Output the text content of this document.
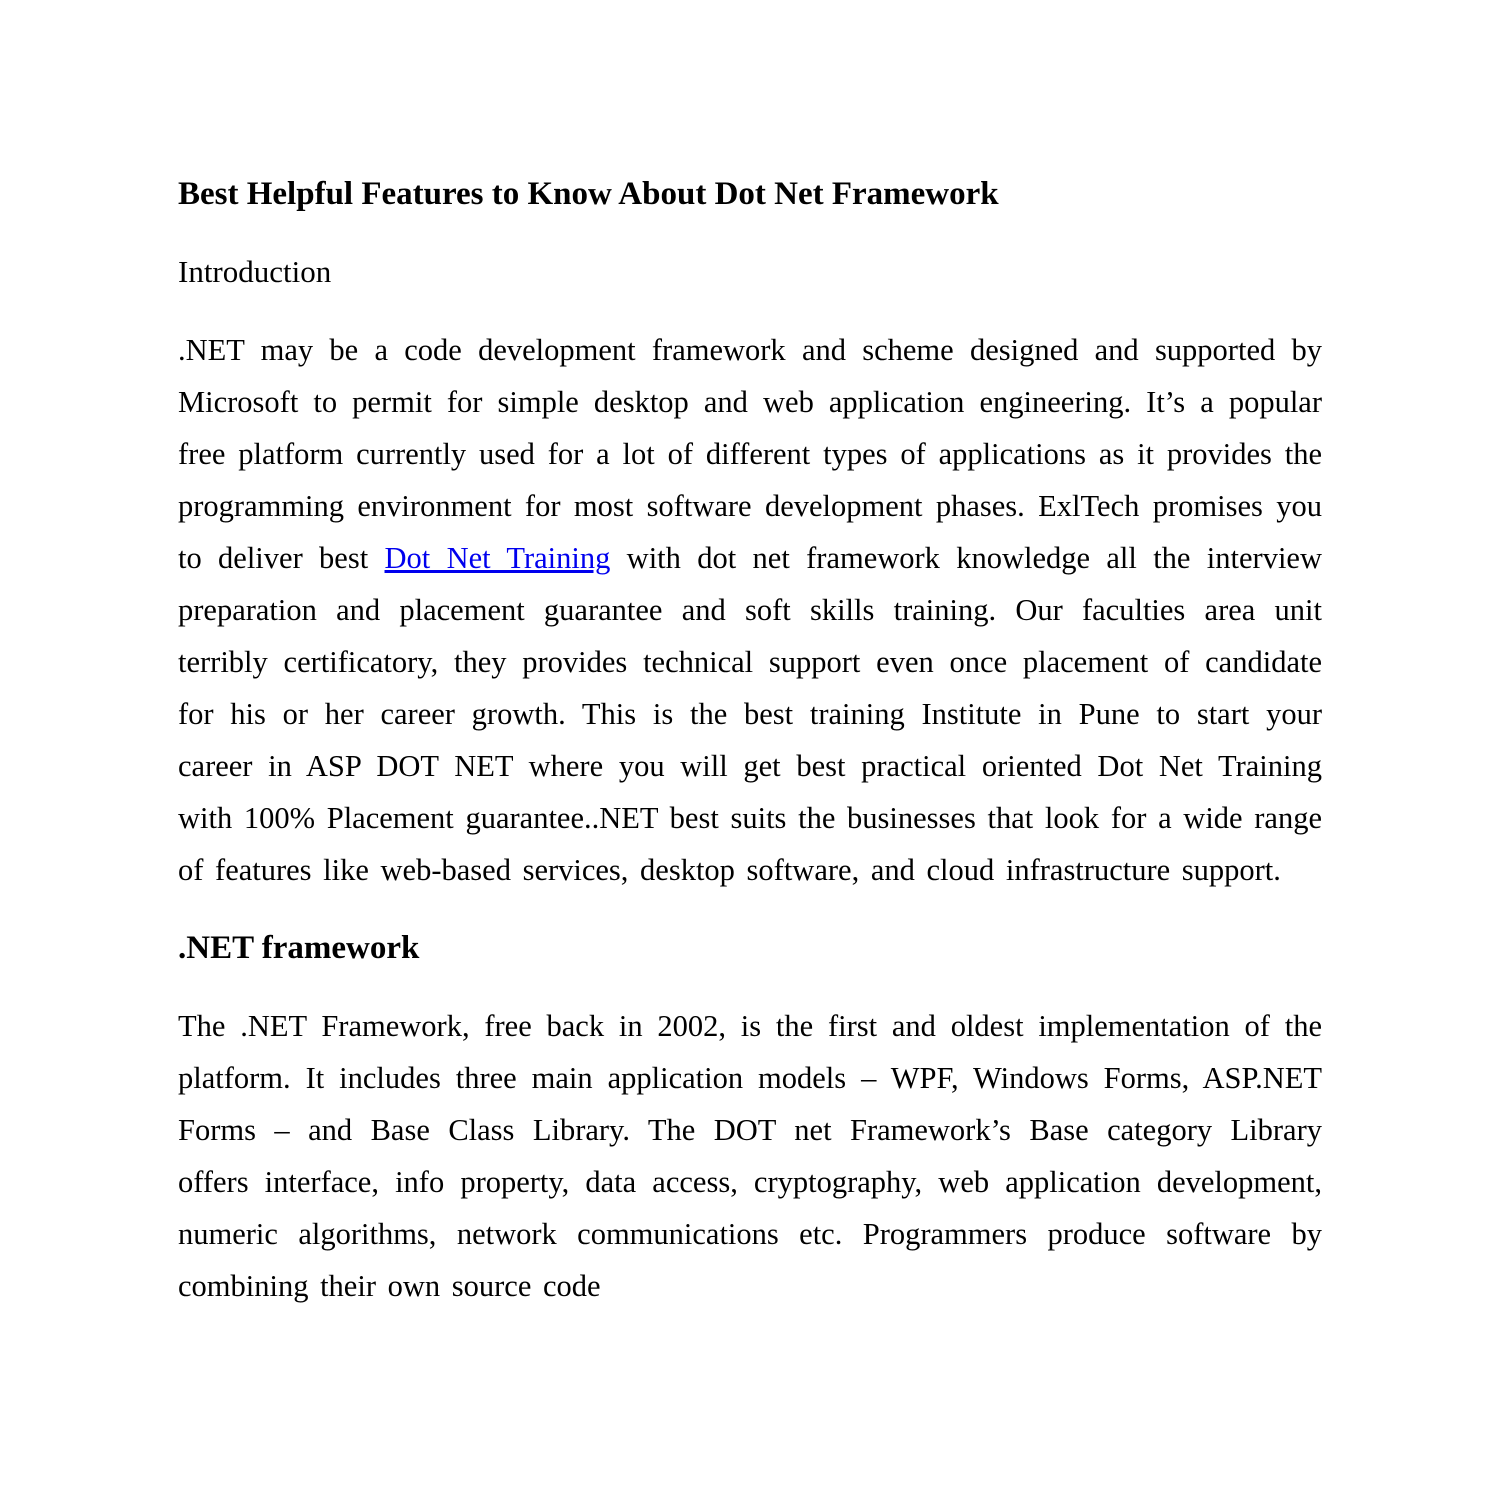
Best Helpful Features to Know About Dot Net Framework

Introduction

.NET may be a code development framework and scheme designed and supported by Microsoft to permit for simple desktop and web application engineering. It’s a popular free platform currently used for a lot of different types of applications as it provides the programming environment for most software development phases. ExlTech promises you to deliver best Dot Net Training with dot net framework knowledge all the interview preparation and placement guarantee and soft skills training. Our faculties area unit terribly certificatory, they provides technical support even once placement of candidate for his or her career growth. This is the best training Institute in Pune to start your career in ASP DOT NET where you will get best practical oriented Dot Net Training with 100% Placement guarantee..NET best suits the businesses that look for a wide range of features like web-based services, desktop software, and cloud infrastructure support.

.NET framework

The .NET Framework, free back in 2002, is the first and oldest implementation of the platform. It includes three main application models – WPF, Windows Forms, ASP.NET Forms – and Base Class Library. The DOT net Framework’s Base category Library offers interface, info property, data access, cryptography, web application development, numeric algorithms, network communications etc. Programmers produce software by combining their own source code
